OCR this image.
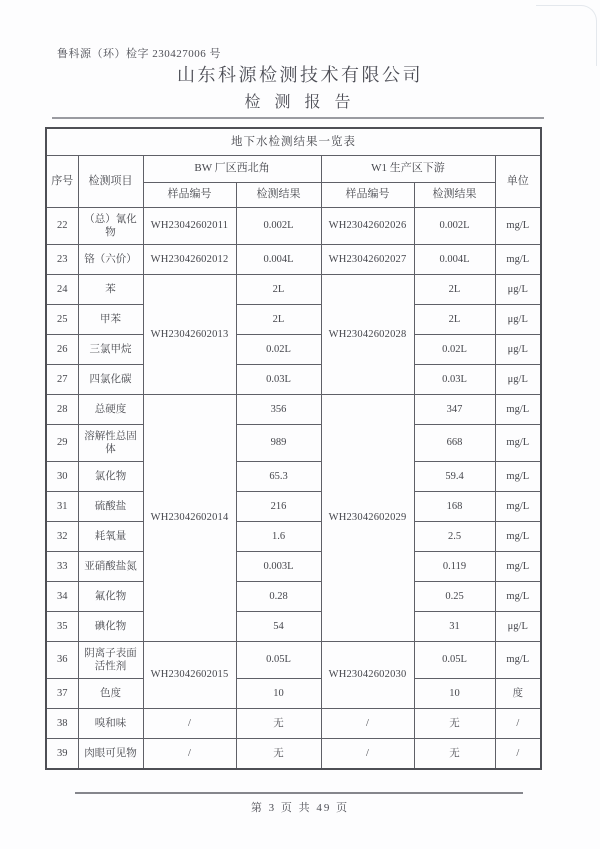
鲁科源（环）检字 230427006 号
山东科源检测技术有限公司
检 测 报 告
地下水检测结果一览表						
序号	检测项目	BW 厂区西北角		W1 生产区下游		单位
		样品编号	检测结果	样品编号	检测结果	
22	（总）氰化物	WH23042602011	0.002L	WH23042602026	0.002L	mg/L
23	铬（六价）	WH23042602012	0.004L	WH23042602027	0.004L	mg/L
24	苯	WH23042602013	2L	WH23042602028	2L	μg/L
25	甲苯		2L		2L	μg/L
26	三氯甲烷		0.02L		0.02L	μg/L
27	四氯化碳		0.03L		0.03L	μg/L
28	总硬度	WH23042602014	356	WH23042602029	347	mg/L
29	溶解性总固体		989		668	mg/L
30	氯化物		65.3		59.4	mg/L
31	硫酸盐		216		168	mg/L
32	耗氧量		1.6		2.5	mg/L
33	亚硝酸盐氮		0.003L		0.119	mg/L
34	氟化物		0.28		0.25	mg/L
35	碘化物		54		31	μg/L
36	阴离子表面活性剂	WH23042602015	0.05L	WH23042602030	0.05L	mg/L
37	色度		10		10	度
38	嗅和味	/	无	/	无	/
39	肉眼可见物	/	无	/	无	/
第 3 页 共 49 页
